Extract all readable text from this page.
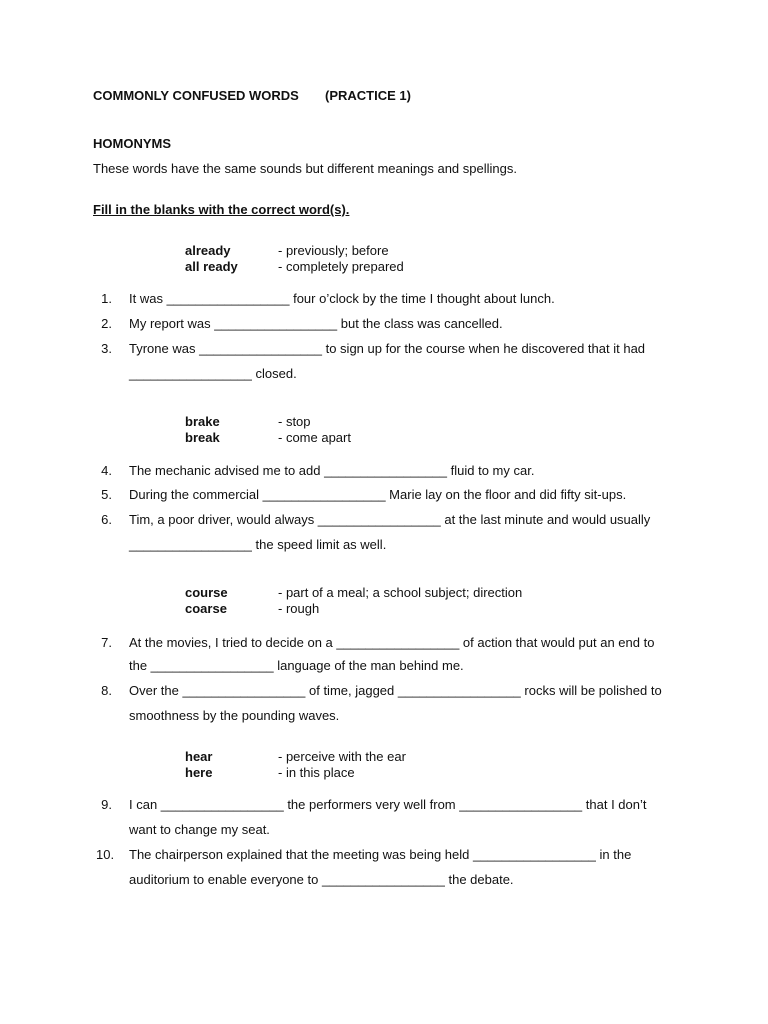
COMMONLY CONFUSED WORDS (PRACTICE 1)
HOMONYMS
These words have the same sounds but different meanings and spellings.
Fill in the blanks with the correct word(s).
already	- previously; before
all ready	- completely prepared
1. It was _________________ four o’clock by the time I thought about lunch.
2. My report was _________________ but the class was cancelled.
3. Tyrone was _________________ to sign up for the course when he discovered that it had
_________________ closed.
brake	- stop
break	- come apart
4. The mechanic advised me to add _________________ fluid to my car.
5. During the commercial _________________ Marie lay on the floor and did fifty sit-ups.
6. Tim, a poor driver, would always _________________ at the last minute and would usually
_________________ the speed limit as well.
course	- part of a meal; a school subject; direction
coarse	- rough
7. At the movies, I tried to decide on a _________________ of action that would put an end to
the _________________ language of the man behind me.
8. Over the _________________ of time, jagged _________________ rocks will be polished to
smoothness by the pounding waves.
hear	- perceive with the ear
here	- in this place
9. I can _________________ the performers very well from _________________ that I don’t
want to change my seat.
10. The chairperson explained that the meeting was being held _________________ in the
auditorium to enable everyone to _________________ the debate.
